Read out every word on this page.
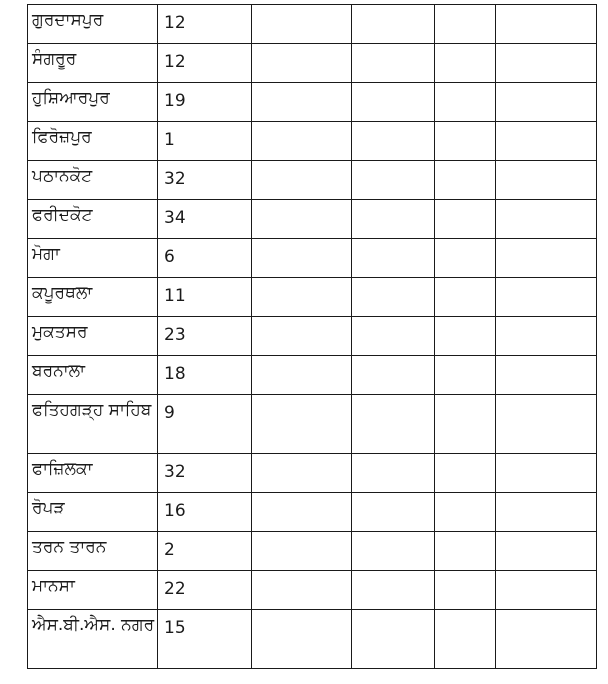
ਗੁਰਦਾਸਪੁਰ	12				
ਸੰਗਰੂਰ	12				
ਹੁਸ਼ਿਆਰਪੁਰ	19				
ਫਿਰੋਜ਼ਪੁਰ	1				
ਪਠਾਨਕੋਟ	32				
ਫਰੀਦਕੋਟ	34				
ਮੋਗਾ	6				
ਕਪੂਰਥਲਾ	11				
ਮੁਕਤਸਰ	23				
ਬਰਨਾਲਾ	18				
ਫਤਿਹਗੜ੍ਹ ਸਾਹਿਬ	9				
ਫਾਜ਼ਿਲਕਾ	32				
ਰੋਪੜ	16				
ਤਰਨ ਤਾਰਨ	2				
ਮਾਨਸਾ	22				
ਐਸ.ਬੀ.ਐਸ. ਨਗਰ	15				
